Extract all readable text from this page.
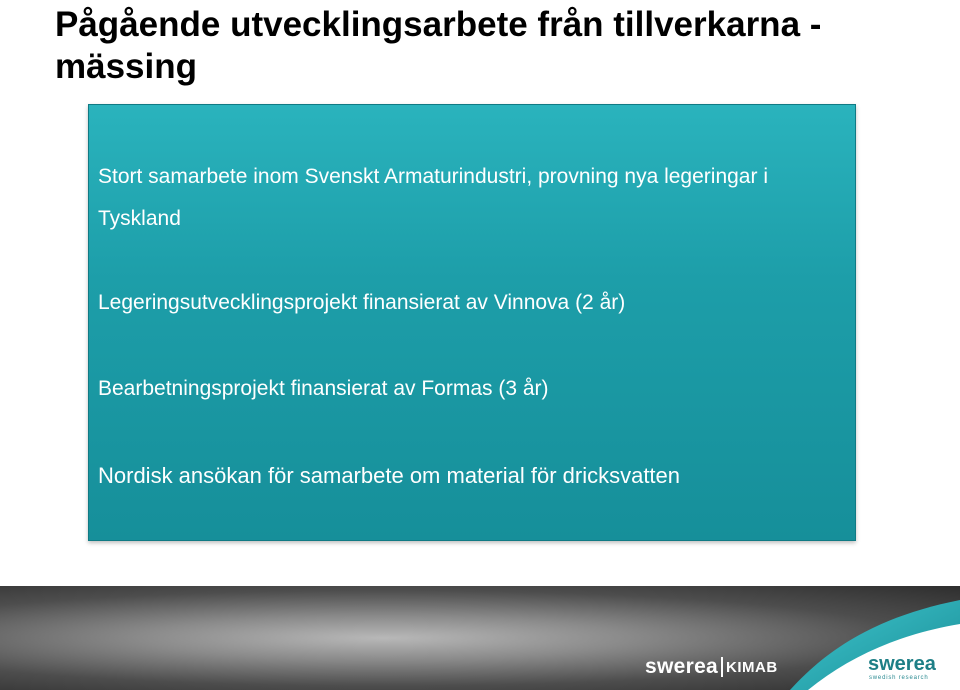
Pågående utvecklingsarbete från tillverkarna - mässing
Stort samarbete inom Svenskt Armaturindustri, provning nya legeringar i Tyskland
Legeringsutvecklingsprojekt finansierat av Vinnova (2 år)
Bearbetningsprojekt finansierat av Formas (3 år)
Nordisk ansökan för samarbete om material för dricksvatten
swerea KIMAB	swerea
swedish research
